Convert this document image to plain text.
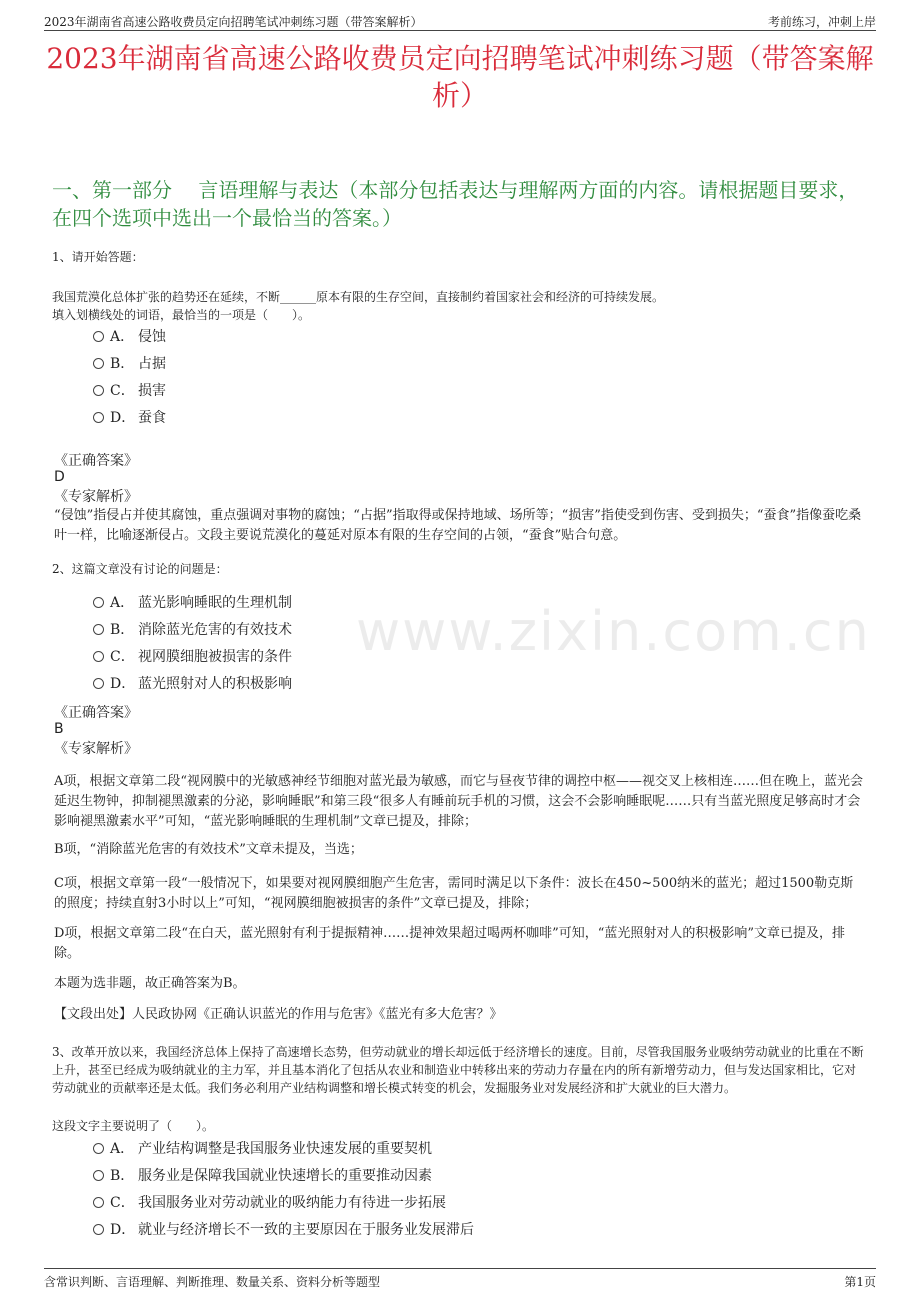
2023年湖南省高速公路收费员定向招聘笔试冲刺练习题（带答案解析）	考前练习，冲刺上岸
2023年湖南省高速公路收费员定向招聘笔试冲刺练习题（带答案解析）
一、第一部分　 言语理解与表达（本部分包括表达与理解两方面的内容。请根据题目要求，在四个选项中选出一个最恰当的答案。）
www.zixin.com.cn
1、请开始答题：
我国荒漠化总体扩张的趋势还在延续，不断______原本有限的生存空间，直接制约着国家社会和经济的可持续发展。
填入划横线处的词语，最恰当的一项是（　　）。
A． 侵蚀
B． 占据
C． 损害
D． 蚕食
《正确答案》
D
《专家解析》
“侵蚀”指侵占并使其腐蚀，重点强调对事物的腐蚀；“占据”指取得或保持地域、场所等；“损害”指使受到伤害、受到损失；“蚕食”指像蚕吃桑叶一样，比喻逐渐侵占。文段主要说荒漠化的蔓延对原本有限的生存空间的占领，“蚕食”贴合句意。
2、这篇文章没有讨论的问题是：
A． 蓝光影响睡眠的生理机制
B． 消除蓝光危害的有效技术
C． 视网膜细胞被损害的条件
D． 蓝光照射对人的积极影响
《正确答案》
B
《专家解析》
A项，根据文章第二段“视网膜中的光敏感神经节细胞对蓝光最为敏感，而它与昼夜节律的调控中枢——视交叉上核相连……但在晚上，蓝光会延迟生物钟，抑制褪黑激素的分泌，影响睡眠”和第三段“很多人有睡前玩手机的习惯，这会不会影响睡眠呢……只有当蓝光照度足够高时才会影响褪黑激素水平”可知，“蓝光影响睡眠的生理机制”文章已提及，排除；
B项，“消除蓝光危害的有效技术”文章未提及，当选；
C项，根据文章第一段“一般情况下，如果要对视网膜细胞产生危害，需同时满足以下条件：波长在450~500纳米的蓝光；超过1500勒克斯的照度；持续直射3小时以上”可知，“视网膜细胞被损害的条件”文章已提及，排除；
D项，根据文章第二段“在白天，蓝光照射有利于提振精神……提神效果超过喝两杯咖啡”可知，“蓝光照射对人的积极影响”文章已提及，排除。
本题为选非题，故正确答案为B。
【文段出处】人民政协网《正确认识蓝光的作用与危害》《蓝光有多大危害？》
3、改革开放以来，我国经济总体上保持了高速增长态势，但劳动就业的增长却远低于经济增长的速度。目前，尽管我国服务业吸纳劳动就业的比重在不断上升，甚至已经成为吸纳就业的主力军，并且基本消化了包括从农业和制造业中转移出来的劳动力存量在内的所有新增劳动力，但与发达国家相比，它对劳动就业的贡献率还是太低。我们务必利用产业结构调整和增长模式转变的机会，发掘服务业对发展经济和扩大就业的巨大潜力。
这段文字主要说明了（　　）。
A． 产业结构调整是我国服务业快速发展的重要契机
B． 服务业是保障我国就业快速增长的重要推动因素
C． 我国服务业对劳动就业的吸纳能力有待进一步拓展
D． 就业与经济增长不一致的主要原因在于服务业发展滞后
含常识判断、言语理解、判断推理、数量关系、资料分析等题型	第1页
